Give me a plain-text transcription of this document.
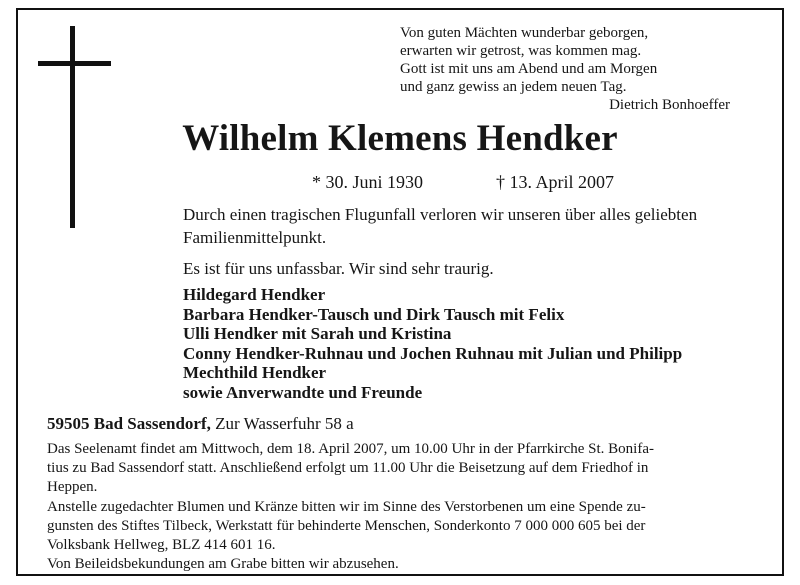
Von guten Mächten wunderbar geborgen,
erwarten wir getrost, was kommen mag.
Gott ist mit uns am Abend und am Morgen
und ganz gewiss an jedem neuen Tag.
Dietrich Bonhoeffer
Wilhelm Klemens Hendker
* 30. Juni 1930	† 13. April 2007
Durch einen tragischen Flugunfall verloren wir unseren über alles geliebten Familienmittelpunkt.
Es ist für uns unfassbar. Wir sind sehr traurig.
Hildegard Hendker
Barbara Hendker-Tausch und Dirk Tausch mit Felix
Ulli Hendker mit Sarah und Kristina
Conny Hendker-Ruhnau und Jochen Ruhnau mit Julian und Philipp
Mechthild Hendker
sowie Anverwandte und Freunde
59505 Bad Sassendorf, Zur Wasserfuhr 58 a
Das Seelenamt findet am Mittwoch, dem 18. April 2007, um 10.00 Uhr in der Pfarrkirche St. Bonifa-
tius zu Bad Sassendorf statt. Anschließend erfolgt um 11.00 Uhr die Beisetzung auf dem Friedhof in
Heppen.
Anstelle zugedachter Blumen und Kränze bitten wir im Sinne des Verstorbenen um eine Spende zu-
gunsten des Stiftes Tilbeck, Werkstatt für behinderte Menschen, Sonderkonto 7 000 000 605 bei der
Volksbank Hellweg, BLZ 414 601 16.
Von Beileidsbekundungen am Grabe bitten wir abzusehen.
